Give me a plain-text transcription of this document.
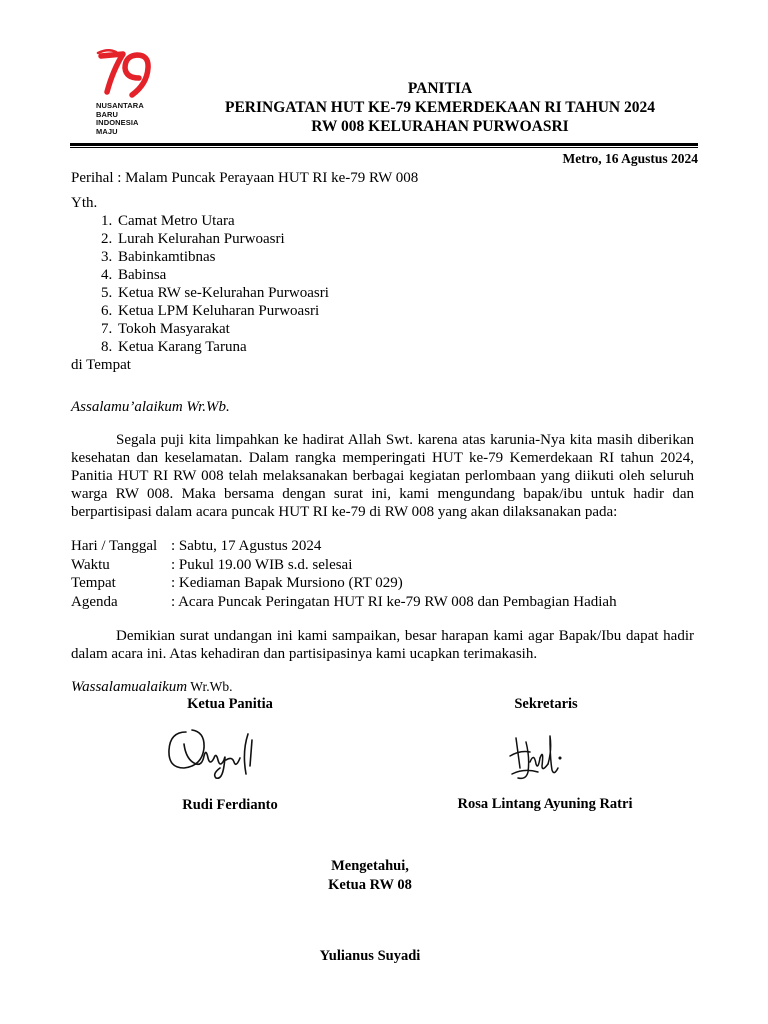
NUSANTARA
BARU
INDONESIA
MAJU
PANITIA
PERINGATAN HUT KE-79 KEMERDEKAAN RI TAHUN 2024
RW 008 KELURAHAN PURWOASRI
Metro, 16 Agustus 2024
Perihal : Malam Puncak Perayaan HUT RI ke-79 RW 008
Yth.
1. Camat Metro Utara
2. Lurah Kelurahan Purwoasri
3. Babinkamtibnas
4. Babinsa
5. Ketua RW se-Kelurahan Purwoasri
6. Ketua LPM Keluharan Purwoasri
7. Tokoh Masyarakat
8. Ketua Karang Taruna
di Tempat
Assalamu’alaikum Wr.Wb.
Segala puji kita limpahkan ke hadirat Allah Swt. karena atas karunia-Nya kita masih diberikan kesehatan dan keselamatan. Dalam rangka memperingati HUT ke-79 Kemerdekaan RI tahun 2024, Panitia HUT RI RW 008 telah melaksanakan berbagai kegiatan perlombaan yang diikuti oleh seluruh warga RW 008. Maka bersama dengan surat ini, kami mengundang bapak/ibu untuk hadir dan berpartisipasi dalam acara puncak HUT RI ke-79 di RW 008 yang akan dilaksanakan pada:
Hari / Tanggal : Sabtu, 17 Agustus 2024
Waktu	: Pukul 19.00 WIB s.d. selesai
Tempat	: Kediaman Bapak Mursiono (RT 029)
Agenda	: Acara Puncak Peringatan HUT RI ke-79 RW 008 dan Pembagian Hadiah
Demikian surat undangan ini kami sampaikan, besar harapan kami agar Bapak/Ibu dapat hadir dalam acara ini. Atas kehadiran dan partisipasinya kami ucapkan terimakasih.
Wassalamualaikum Wr.Wb.
Ketua Panitia	Sekretaris
Rudi Ferdianto	Rosa Lintang Ayuning Ratri
Mengetahui,
Ketua RW 08
Yulianus Suyadi
